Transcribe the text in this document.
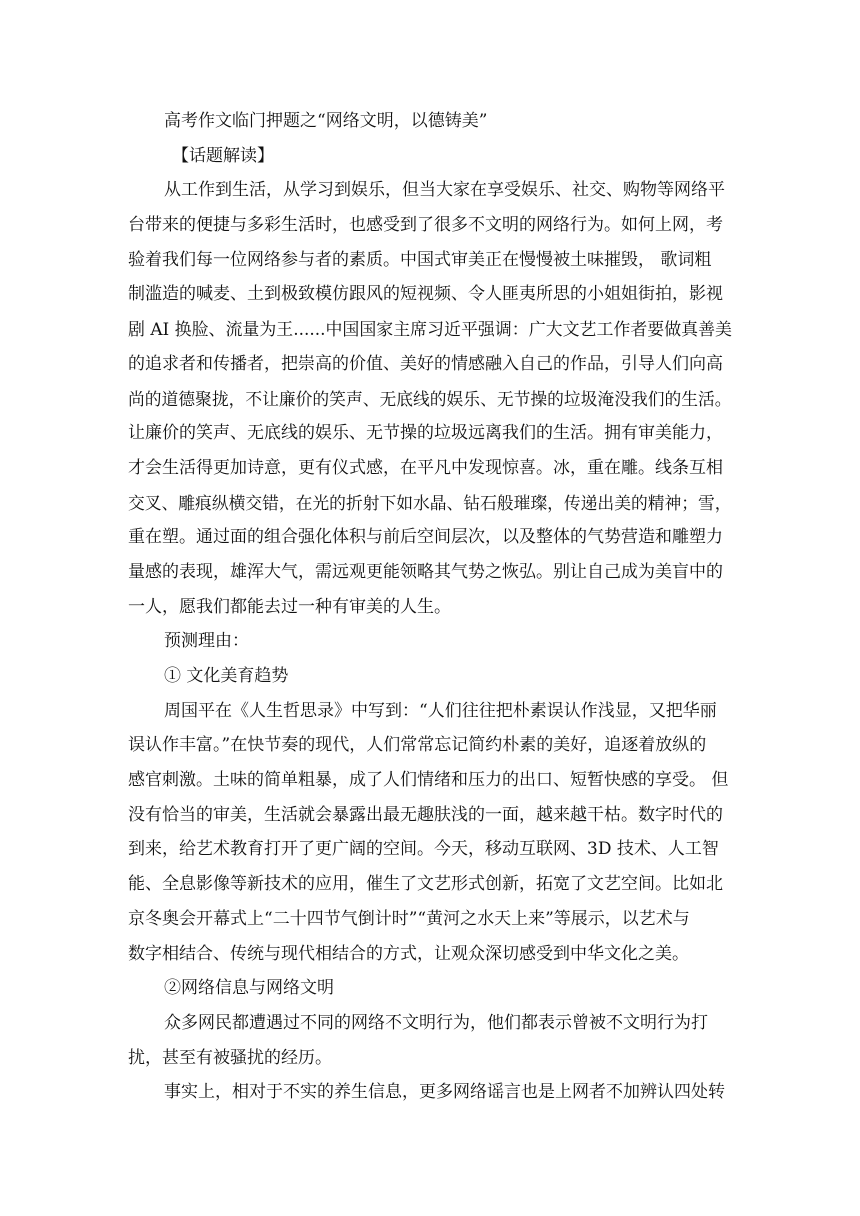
高考作文临门押题之“网络文明，以德铸美”
【话题解读】
从工作到生活，从学习到娱乐，但当大家在享受娱乐、社交、购物等网络平
台带来的便捷与多彩生活时，也感受到了很多不文明的网络行为。如何上网，考
验着我们每一位网络参与者的素质。中国式审美正在慢慢被土味摧毁， 歌词粗
制滥造的喊麦、土到极致模仿跟风的短视频、令人匪夷所思的小姐姐街拍，影视
剧 AI 换脸、流量为王......中国国家主席习近平强调：广大文艺工作者要做真善美
的追求者和传播者，把崇高的价值、美好的情感融入自己的作品，引导人们向高
尚的道德聚拢，不让廉价的笑声、无底线的娱乐、无节操的垃圾淹没我们的生活。
让廉价的笑声、无底线的娱乐、无节操的垃圾远离我们的生活。拥有审美能力，
才会生活得更加诗意，更有仪式感，在平凡中发现惊喜。冰，重在雕。线条互相
交叉、雕痕纵横交错，在光的折射下如水晶、钻石般璀璨，传递出美的精神；雪，
重在塑。通过面的组合强化体积与前后空间层次，以及整体的气势营造和雕塑力
量感的表现，雄浑大气，需远观更能领略其气势之恢弘。别让自己成为美盲中的
一人，愿我们都能去过一种有审美的人生。
预测理由：
① 文化美育趋势
周国平在《人生哲思录》中写到：“人们往往把朴素误认作浅显，又把华丽
误认作丰富。”在快节奏的现代，人们常常忘记简约朴素的美好，追逐着放纵的
感官刺激。土味的简单粗暴，成了人们情绪和压力的出口、短暂快感的享受。 但
没有恰当的审美，生活就会暴露出最无趣肤浅的一面，越来越干枯。数字时代的
到来，给艺术教育打开了更广阔的空间。今天，移动互联网、3D 技术、人工智
能、全息影像等新技术的应用，催生了文艺形式创新，拓宽了文艺空间。比如北
京冬奥会开幕式上“二十四节气倒计时”“黄河之水天上来”等展示，以艺术与
数字相结合、传统与现代相结合的方式，让观众深切感受到中华文化之美。
②网络信息与网络文明
众多网民都遭遇过不同的网络不文明行为，他们都表示曾被不文明行为打
扰，甚至有被骚扰的经历。
事实上，相对于不实的养生信息，更多网络谣言也是上网者不加辨认四处转
